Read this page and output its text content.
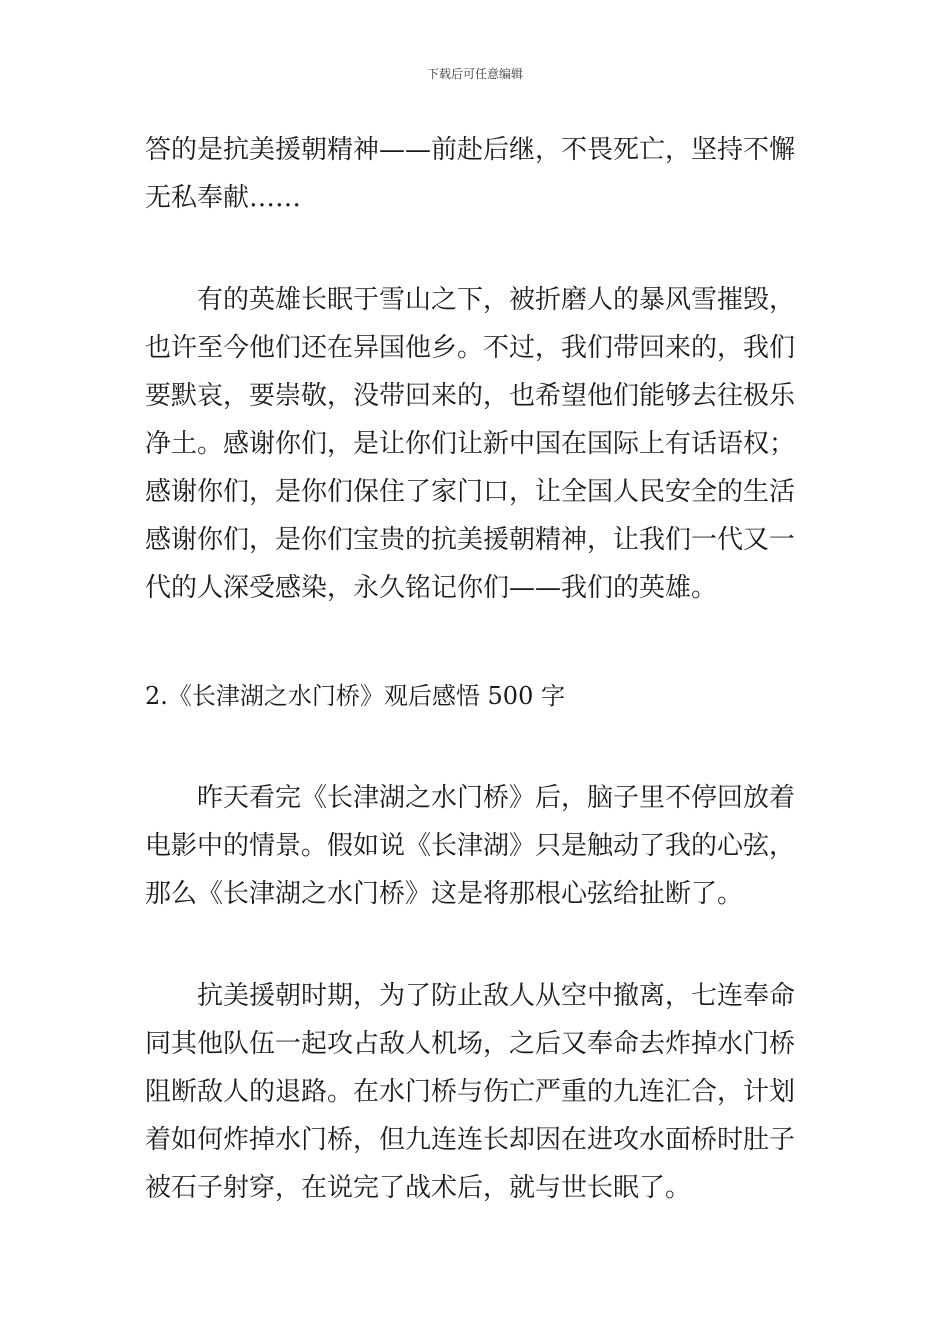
下载后可任意编辑
答的是抗美援朝精神——前赴后继，不畏死亡，坚持不懈
无私奉献……
　　有的英雄长眠于雪山之下，被折磨人的暴风雪摧毁，
也许至今他们还在异国他乡。不过，我们带回来的，我们
要默哀，要崇敬，没带回来的，也希望他们能够去往极乐
净土。感谢你们，是让你们让新中国在国际上有话语权；
感谢你们，是你们保住了家门口，让全国人民安全的生活
感谢你们，是你们宝贵的抗美援朝精神，让我们一代又一
代的人深受感染，永久铭记你们——我们的英雄。
2.《长津湖之水门桥》观后感悟 500 字
　　昨天看完《长津湖之水门桥》后，脑子里不停回放着
电影中的情景。假如说《长津湖》只是触动了我的心弦，
那么《长津湖之水门桥》这是将那根心弦给扯断了。
　　抗美援朝时期，为了防止敌人从空中撤离，七连奉命
同其他队伍一起攻占敌人机场，之后又奉命去炸掉水门桥
阻断敌人的退路。在水门桥与伤亡严重的九连汇合，计划
着如何炸掉水门桥，但九连连长却因在进攻水面桥时肚子
被石子射穿，在说完了战术后，就与世长眠了。
